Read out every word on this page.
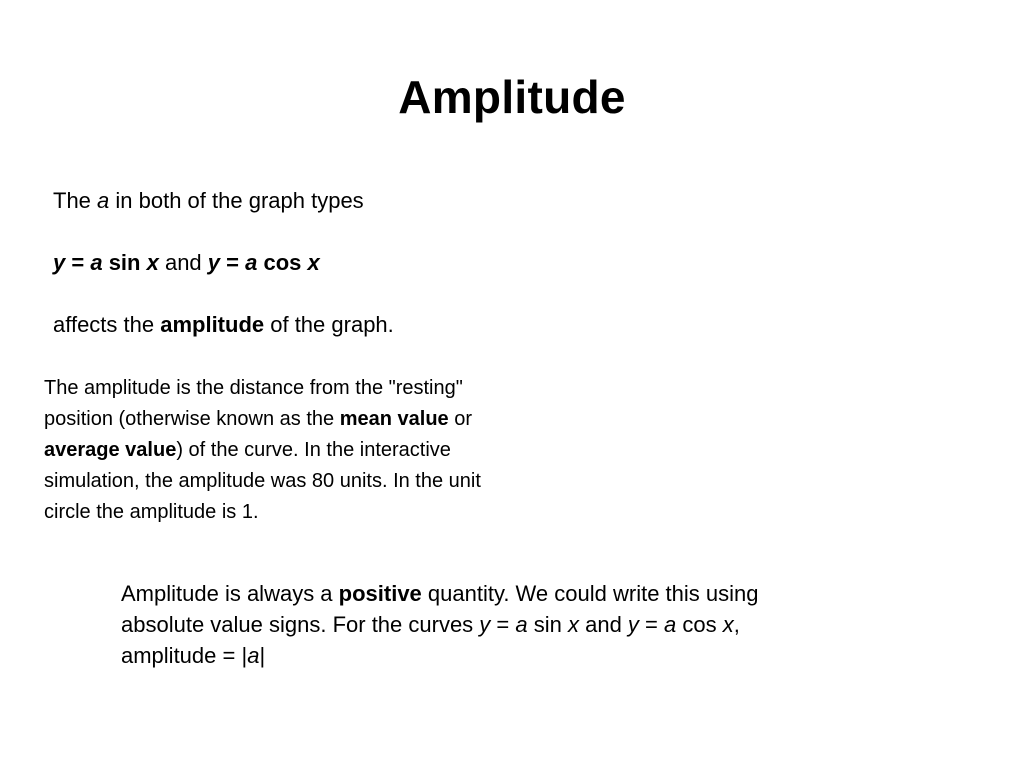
Amplitude

The a in both of the graph types

y = a sin x and y = a cos x

affects the amplitude of the graph.

The amplitude is the distance from the "resting"
position (otherwise known as the mean value or
average value) of the curve. In the interactive
simulation, the amplitude was 80 units. In the unit
circle the amplitude is 1.
Amplitude is always a positive quantity. We could write this using
absolute value signs. For the curves y = a sin x and y = a cos x,
amplitude = |a|
